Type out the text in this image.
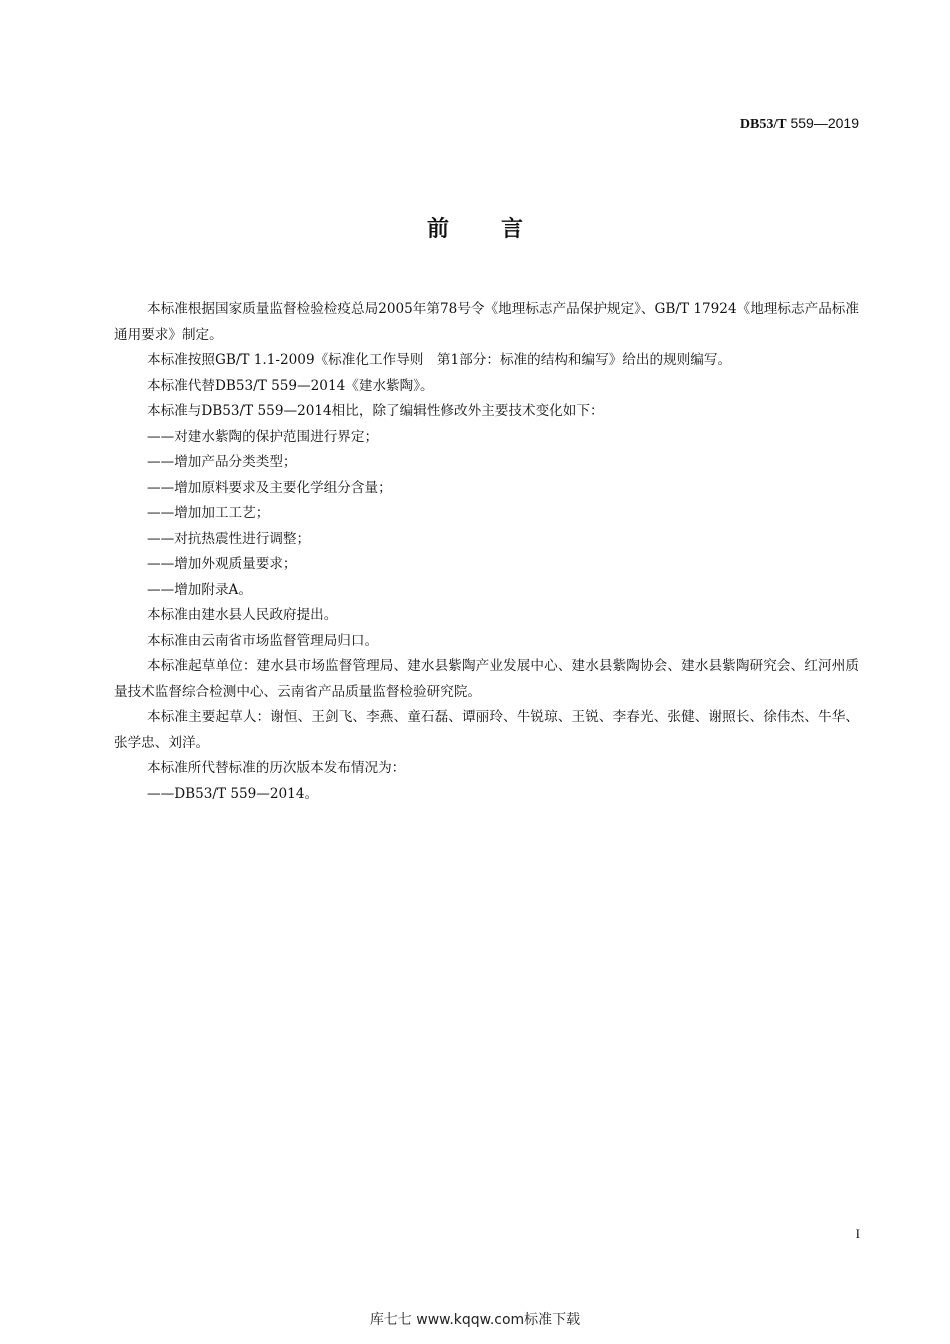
DB53/T 559—2019
前言

本标准根据国家质量监督检验检疫总局2005年第78号令《地理标志产品保护规定》、GB/T 17924《地理标志产品标准通用要求》制定。

本标准按照GB/T 1.1-2009《标准化工作导则　第1部分：标准的结构和编写》给出的规则编写。

本标准代替DB53/T 559—2014《建水紫陶》。

本标准与DB53/T 559—2014相比，除了编辑性修改外主要技术变化如下：

——对建水紫陶的保护范围进行界定；

——增加产品分类类型；

——增加原料要求及主要化学组分含量；

——增加加工工艺；

——对抗热震性进行调整；

——增加外观质量要求；

——增加附录A。

本标准由建水县人民政府提出。

本标准由云南省市场监督管理局归口。

本标准起草单位：建水县市场监督管理局、建水县紫陶产业发展中心、建水县紫陶协会、建水县紫陶研究会、红河州质量技术监督综合检测中心、云南省产品质量监督检验研究院。

本标准主要起草人：谢恒、王剑飞、李燕、童石磊、谭丽玲、牛锐琼、王锐、李春光、张健、谢照长、徐伟杰、牛华、张学忠、刘洋。

本标准所代替标准的历次版本发布情况为：

——DB53/T 559—2014。

I
库七七 www.kqqw.com标准下载
